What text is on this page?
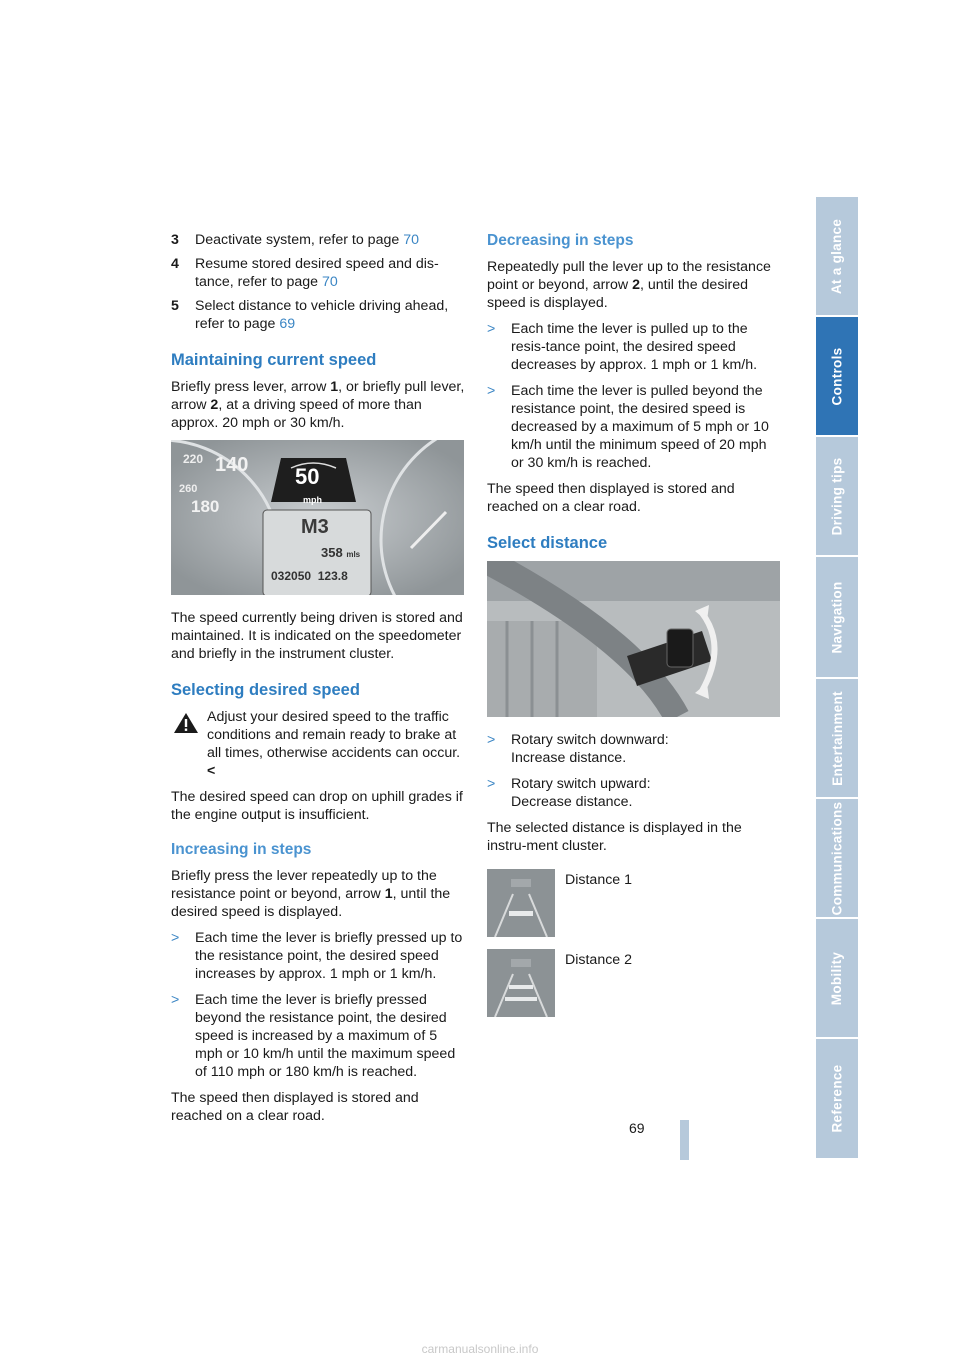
3	Deactivate system, refer to page 70
4	Resume stored desired speed and dis-tance, refer to page 70
5	Select distance to vehicle driving ahead, refer to page 69
Maintaining current speed

Briefly press lever, arrow 1, or briefly pull lever, arrow 2, at a driving speed of more than approx. 20 mph or 30 km/h.

220 140
260
180
50
mph
M3
358 mls
032050 123.8

The speed currently being driven is stored and maintained. It is indicated on the speedometer and briefly in the instrument cluster.

Selecting desired speed
Adjust your desired speed to the traffic conditions and remain ready to brake at all times, otherwise accidents can occur.<

The desired speed can drop on uphill grades if the engine output is insufficient.

Increasing in steps

Briefly press the lever repeatedly up to the resistance point or beyond, arrow 1, until the desired speed is displayed.

>	Each time the lever is briefly pressed up to the resistance point, the desired speed increases by approx. 1 mph or 1 km/h.
>	Each time the lever is briefly pressed beyond the resistance point, the desired speed is increased by a maximum of 5 mph or 10 km/h until the maximum speed of 110 mph or 180 km/h is reached.

The speed then displayed is stored and reached on a clear road.

Decreasing in steps

Repeatedly pull the lever up to the resistance point or beyond, arrow 2, until the desired speed is displayed.

>	Each time the lever is pulled up to the resis-tance point, the desired speed decreases by approx. 1 mph or 1 km/h.
>	Each time the lever is pulled beyond the resistance point, the desired speed is decreased by a maximum of 5 mph or 10 km/h until the minimum speed of 20 mph or 30 km/h is reached.

The speed then displayed is stored and reached on a clear road.

Select distance
>	Rotary switch downward:
Increase distance.
>	Rotary switch upward:
Decrease distance.

The selected distance is displayed in the instru-ment cluster.

Distance 1
Distance 2
At a glance
Controls
Driving tips
Navigation
Entertainment
Communications
Mobility
Reference
69
carmanualsonline.info
